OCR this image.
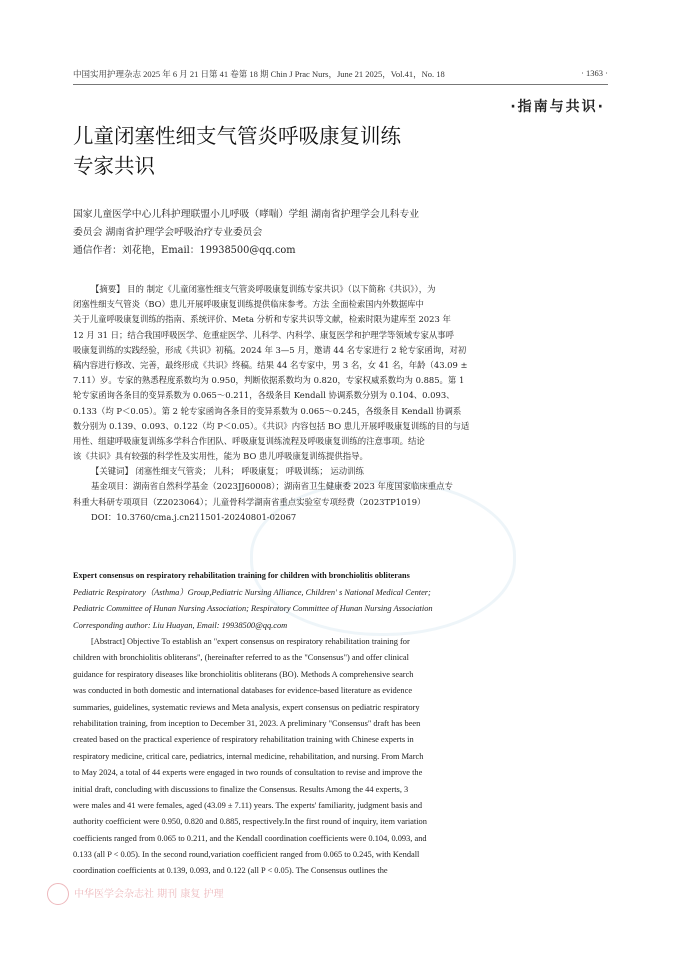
中国实用护理杂志 2025 年 6 月 21 日第 41 卷第 18 期 Chin J Prac Nurs，June 21 2025，Vol.41，No. 18	· 1363 ·
·指南与共识·
儿童闭塞性细支气管炎呼吸康复训练
专家共识
国家儿童医学中心儿科护理联盟小儿呼吸（哮喘）学组 湖南省护理学会儿科专业
委员会 湖南省护理学会呼吸治疗专业委员会
通信作者：刘花艳，Email：19938500@qq.com
【摘要】 目的 制定《儿童闭塞性细支气管炎呼吸康复训练专家共识》（以下简称《共识》），为
闭塞性细支气管炎（BO）患儿开展呼吸康复训练提供临床参考。方法 全面检索国内外数据库中
关于儿童呼吸康复训练的指南、系统评价、Meta 分析和专家共识等文献，检索时限为建库至 2023 年
12 月 31 日；结合我国呼吸医学、危重症医学、儿科学、内科学、康复医学和护理学等领域专家从事呼
吸康复训练的实践经验，形成《共识》初稿。2024 年 3—5 月，邀请 44 名专家进行 2 轮专家函询，对初
稿内容进行修改、完善，最终形成《共识》终稿。结果 44 名专家中，男 3 名，女 41 名，年龄（43.09 ±
7.11）岁。专家的熟悉程度系数均为 0.950，判断依据系数均为 0.820，专家权威系数均为 0.885。第 1
轮专家函询各条目的变异系数为 0.065～0.211，各级条目 Kendall 协调系数分别为 0.104、0.093、
0.133（均 P＜0.05）。第 2 轮专家函询各条目的变异系数为 0.065～0.245，各级条目 Kendall 协调系
数分别为 0.139、0.093、0.122（均 P＜0.05）。《共识》内容包括 BO 患儿开展呼吸康复训练的目的与适
用性、组建呼吸康复训练多学科合作团队、呼吸康复训练流程及呼吸康复训练的注意事项。结论
该《共识》具有较强的科学性及实用性，能为 BO 患儿呼吸康复训练提供指导。
【关键词】 闭塞性细支气管炎； 儿科； 呼吸康复； 呼吸训练； 运动训练
基金项目：湖南省自然科学基金（2023JJ60008）；湖南省卫生健康委 2023 年度国家临床重点专
科重大科研专项项目（Z2023064）；儿童骨科学湖南省重点实验室专项经费（2023TP1019）
DOI：10.3760/cma.j.cn211501-20240801-02067
Expert consensus on respiratory rehabilitation training for children with bronchiolitis obliterans
Pediatric Respiratory（Asthma）Group,Pediatric Nursing Alliance, Children' s National Medical Center;
Pediatric Committee of Hunan Nursing Association; Respiratory Committee of Hunan Nursing Association
Corresponding author: Liu Huayan, Email: 19938500@qq.com
[Abstract] Objective To establish an "expert consensus on respiratory rehabilitation training for
children with bronchiolitis obliterans", (hereinafter referred to as the "Consensus") and offer clinical
guidance for respiratory diseases like bronchiolitis obliterans (BO). Methods A comprehensive search
was conducted in both domestic and international databases for evidence-based literature as evidence
summaries, guidelines, systematic reviews and Meta analysis, expert consensus on pediatric respiratory
rehabilitation training, from inception to December 31, 2023. A preliminary "Consensus" draft has been
created based on the practical experience of respiratory rehabilitation training with Chinese experts in
respiratory medicine, critical care, pediatrics, internal medicine, rehabilitation, and nursing. From March
to May 2024, a total of 44 experts were engaged in two rounds of consultation to revise and improve the
initial draft, concluding with discussions to finalize the Consensus. Results Among the 44 experts, 3
were males and 41 were females, aged (43.09 ± 7.11) years. The experts' familiarity, judgment basis and
authority coefficient were 0.950, 0.820 and 0.885, respectively.In the first round of inquiry, item variation
coefficients ranged from 0.065 to 0.211, and the Kendall coordination coefficients were 0.104, 0.093, and
0.133 (all P < 0.05). In the second round,variation coefficient ranged from 0.065 to 0.245, with Kendall
coordination coefficients at 0.139, 0.093, and 0.122 (all P < 0.05). The Consensus outlines the
中华医学会杂志社 期刊 康复 护理
